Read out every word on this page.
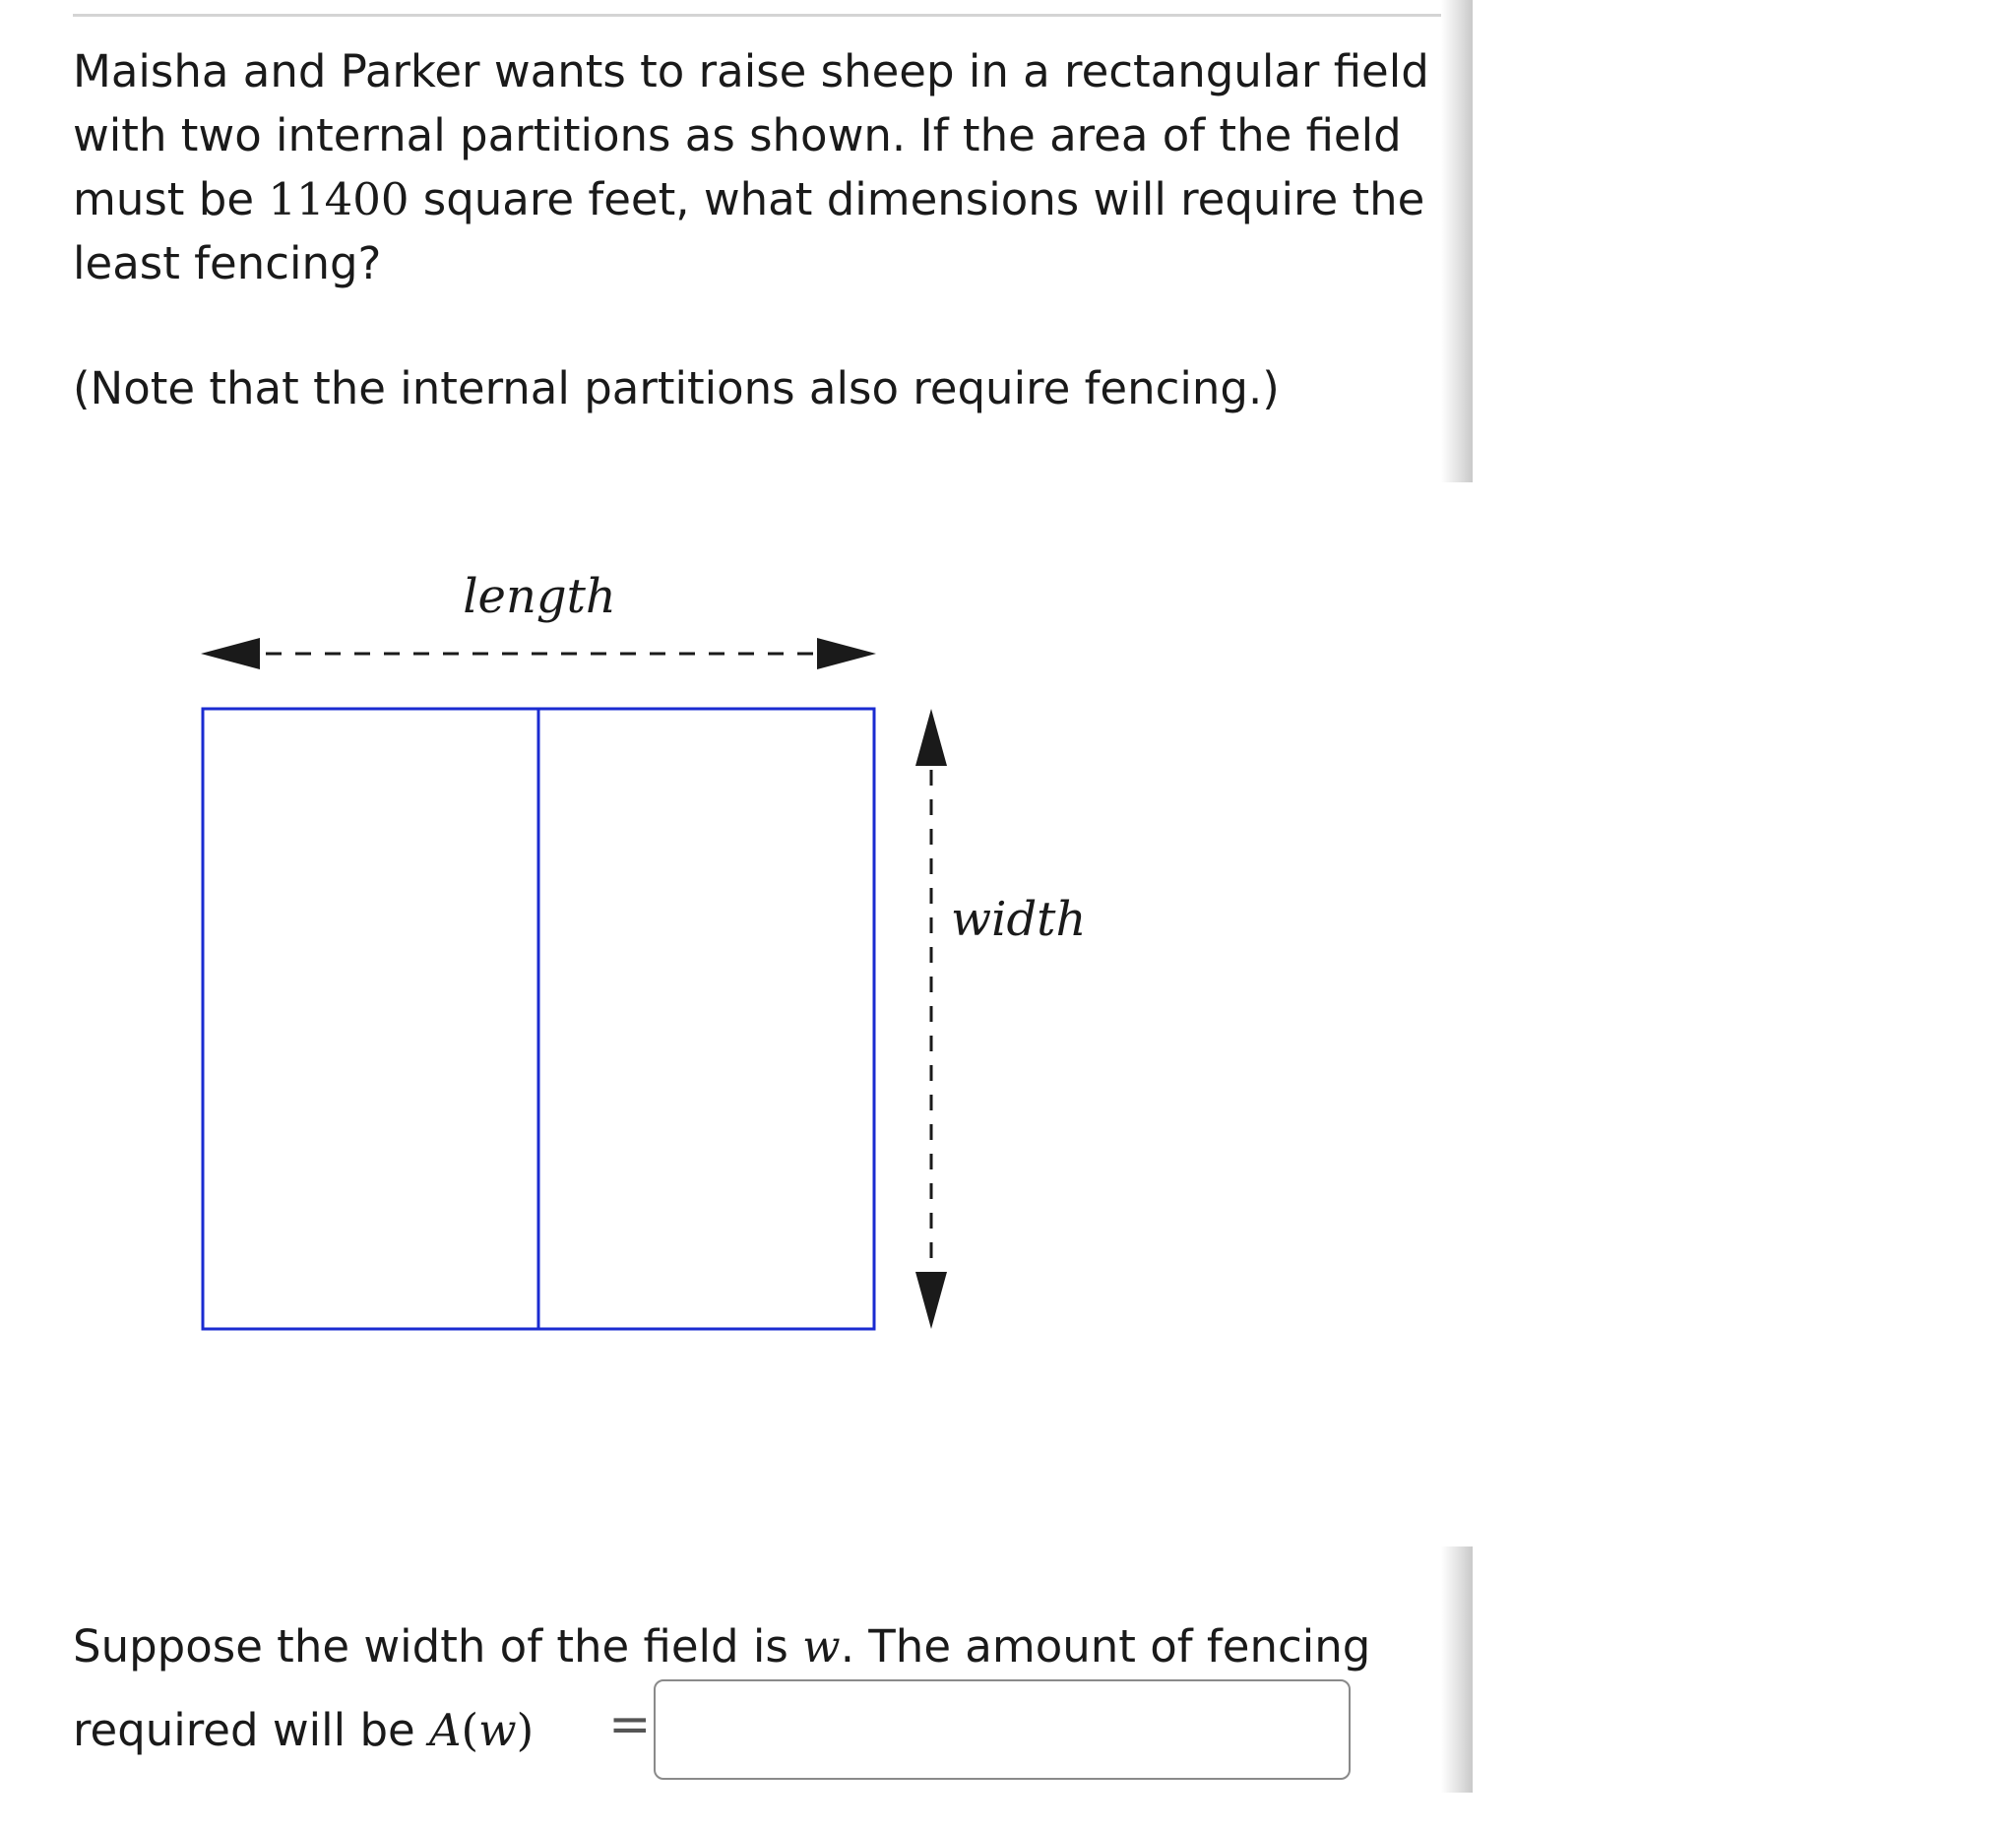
Maisha and Parker wants to raise sheep in a rectangular field with two internal partitions as shown. If the area of the field must be 11400 square feet, what dimensions will require the least fencing?

(Note that the internal partitions also require fencing.)

length
width

Suppose the width of the field is w. The amount of fencing
required will be A(w)	=
